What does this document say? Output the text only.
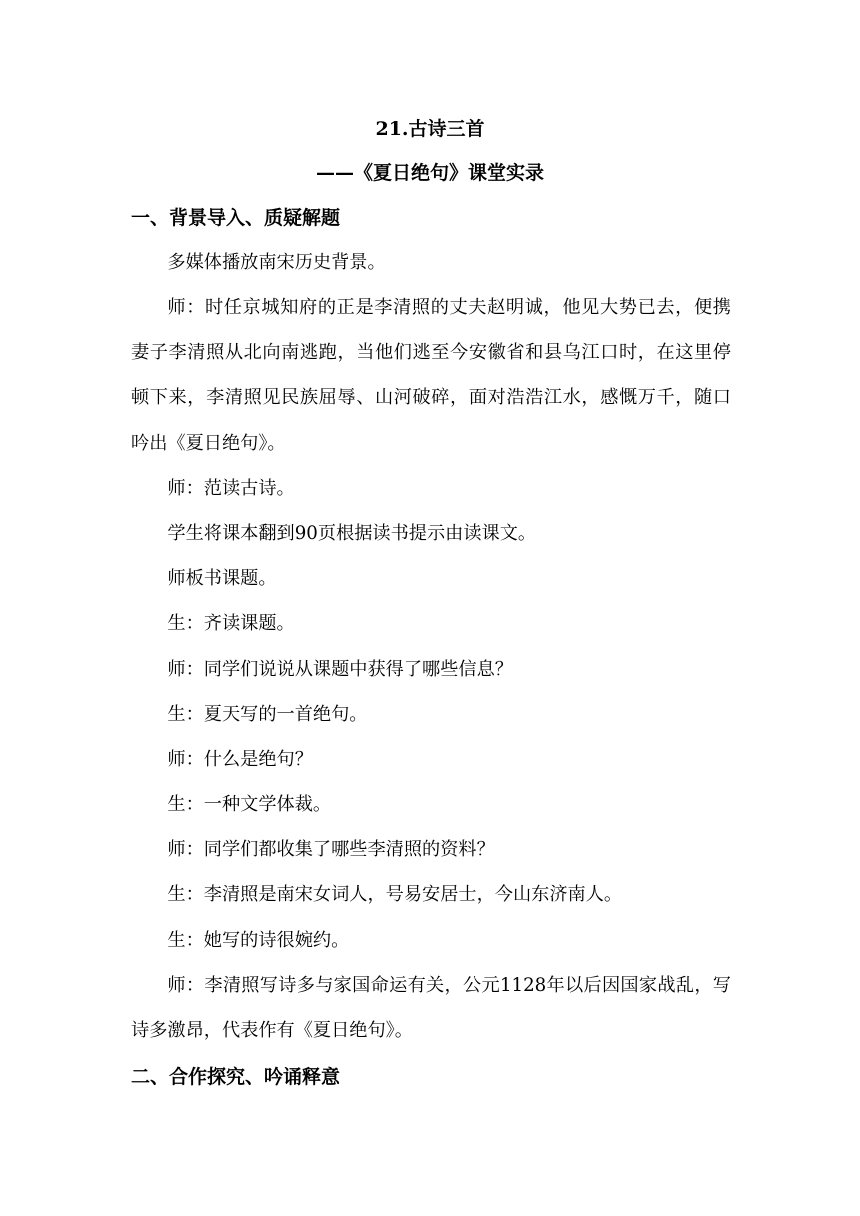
21.古诗三首
——《夏日绝句》课堂实录
一、背景导入、质疑解题

多媒体播放南宋历史背景。

师：时任京城知府的正是李清照的丈夫赵明诚，他见大势已去，便携妻子李清照从北向南逃跑，当他们逃至今安徽省和县乌江口时，在这里停顿下来，李清照见民族屈辱、山河破碎，面对浩浩江水，感慨万千，随口吟出《夏日绝句》。

师：范读古诗。

学生将课本翻到90页根据读书提示由读课文。

师板书课题。

生：齐读课题。

师：同学们说说从课题中获得了哪些信息？

生：夏天写的一首绝句。

师：什么是绝句？

生：一种文学体裁。

师：同学们都收集了哪些李清照的资料？

生：李清照是南宋女词人，号易安居士，今山东济南人。

生：她写的诗很婉约。

师：李清照写诗多与家国命运有关，公元1128年以后因国家战乱，写诗多激昂，代表作有《夏日绝句》。

二、合作探究、吟诵释意
